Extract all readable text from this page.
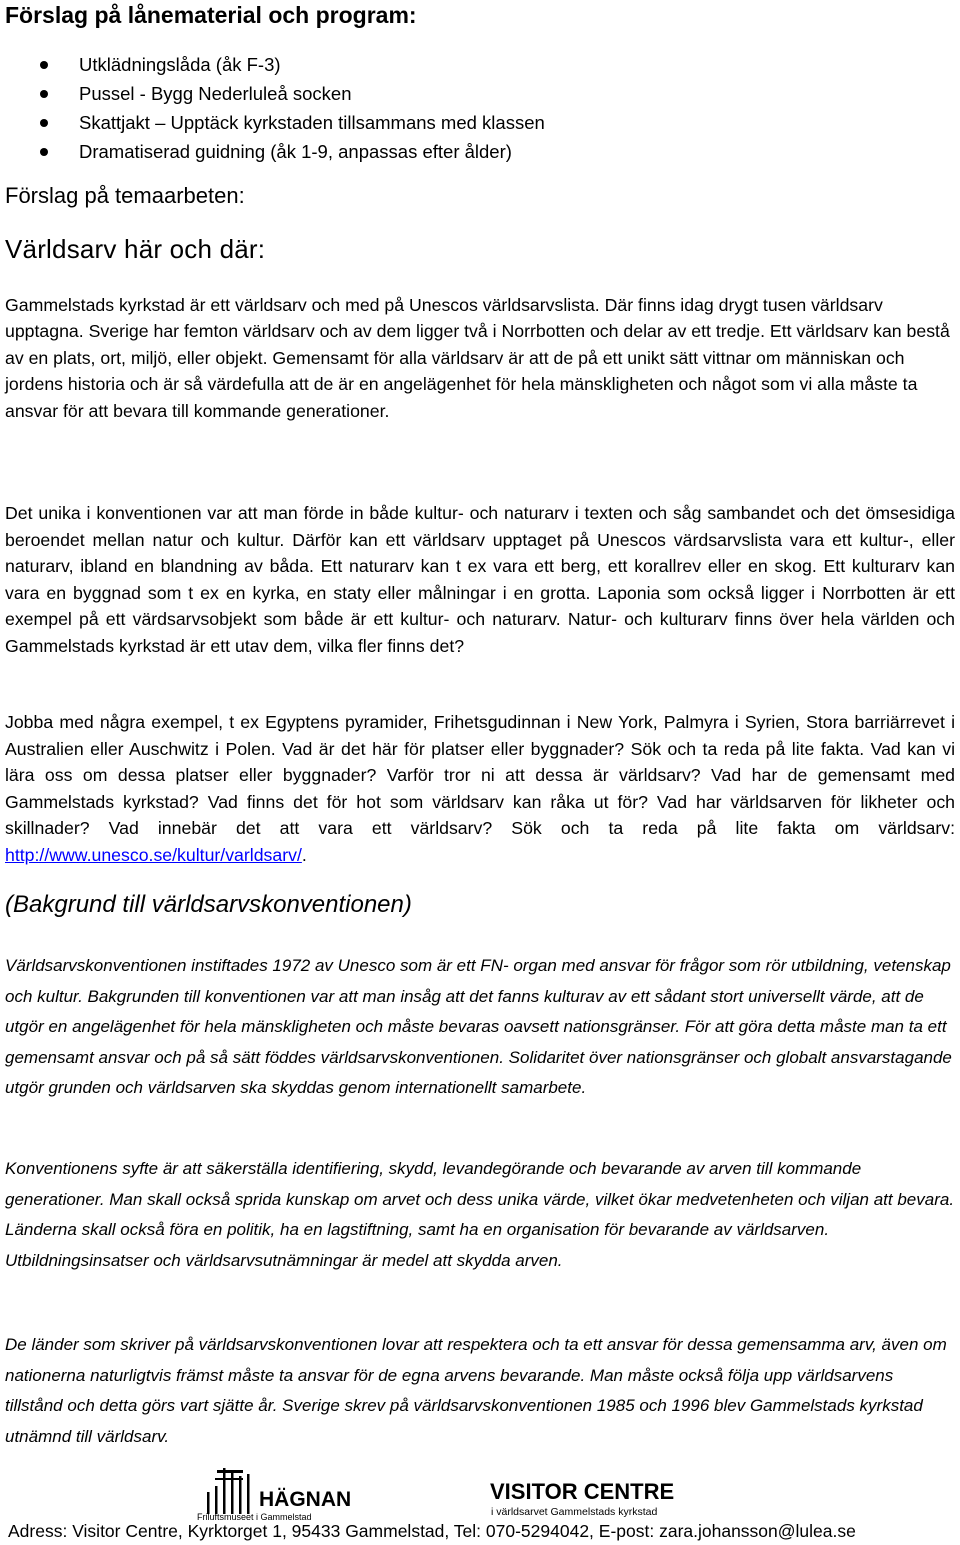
Förslag på lånematerial och program:
Utklädningslåda (åk F-3)
Pussel - Bygg Nederluleå socken
Skattjakt – Upptäck kyrkstaden tillsammans med klassen
Dramatiserad guidning (åk 1-9, anpassas efter ålder)
Förslag på temaarbeten:
Världsarv här och där:
Gammelstads kyrkstad är ett världsarv och med på Unescos världsarvslista. Där finns idag drygt tusen världsarv upptagna. Sverige har femton världsarv och av dem ligger två i Norrbotten och delar av ett tredje. Ett världsarv kan bestå av en plats, ort, miljö, eller objekt. Gemensamt för alla världsarv är att de på ett unikt sätt vittnar om människan och jordens historia och är så värdefulla att de är en angelägenhet för hela mänskligheten och något som vi alla måste ta ansvar för att bevara till kommande generationer.
Det unika i konventionen var att man förde in både kultur- och naturarv i texten och såg sambandet och det ömsesidiga beroendet mellan natur och kultur. Därför kan ett världsarv upptaget på Unescos värdsarvslista vara ett kultur-, eller naturarv, ibland en blandning av båda. Ett naturarv kan t ex vara ett berg, ett korallrev eller en skog. Ett kulturarv kan vara en byggnad som t ex en kyrka, en staty eller målningar i en grotta. Laponia som också ligger i Norrbotten är ett exempel på ett värdsarvsobjekt som både är ett kultur- och naturarv. Natur- och kulturarv finns över hela världen och Gammelstads kyrkstad är ett utav dem, vilka fler finns det?
Jobba med några exempel, t ex Egyptens pyramider, Frihetsgudinnan i New York, Palmyra i Syrien, Stora barriärrevet i Australien eller Auschwitz i Polen. Vad är det här för platser eller byggnader? Sök och ta reda på lite fakta. Vad kan vi lära oss om dessa platser eller byggnader? Varför tror ni att dessa är världsarv? Vad har de gemensamt med Gammelstads kyrkstad? Vad finns det för hot som världsarv kan råka ut för? Vad har världsarven för likheter och skillnader? Vad innebär det att vara ett världsarv? Sök och ta reda på lite fakta om världsarv: http://www.unesco.se/kultur/varldsarv/.
(Bakgrund till världsarvskonventionen)
Världsarvskonventionen instiftades 1972 av Unesco som är ett FN- organ med ansvar för frågor som rör utbildning, vetenskap och kultur. Bakgrunden till konventionen var att man insåg att det fanns kulturav av ett sådant stort universellt värde, att de utgör en angelägenhet för hela mänskligheten och måste bevaras oavsett nationsgränser. För att göra detta måste man ta ett gemensamt ansvar och på så sätt föddes världsarvskonventionen. Solidaritet över nationsgränser och globalt ansvarstagande utgör grunden och världsarven ska skyddas genom internationellt samarbete.
Konventionens syfte är att säkerställa identifiering, skydd, levandegörande och bevarande av arven till kommande generationer. Man skall också sprida kunskap om arvet och dess unika värde, vilket ökar medvetenheten och viljan att bevara. Länderna skall också föra en politik, ha en lagstiftning, samt ha en organisation för bevarande av världsarven. Utbildningsinsatser och världsarvsutnämningar är medel att skydda arven.
De länder som skriver på världsarvskonventionen lovar att respektera och ta ett ansvar för dessa gemensamma arv, även om nationerna naturligtvis främst måste ta ansvar för de egna arvens bevarande. Man måste också följa upp världsarvens tillstånd och detta görs vart sjätte år. Sverige skrev på världsarvskonventionen 1985 och 1996 blev Gammelstads kyrkstad utnämnd till världsarv.
HÄGNAN
Friluftsmuseet i Gammelstad
VISITOR CENTRE
i världsarvet Gammelstads kyrkstad
Adress: Visitor Centre, Kyrktorget 1, 95433 Gammelstad, Tel: 070-5294042, E-post: zara.johansson@lulea.se
